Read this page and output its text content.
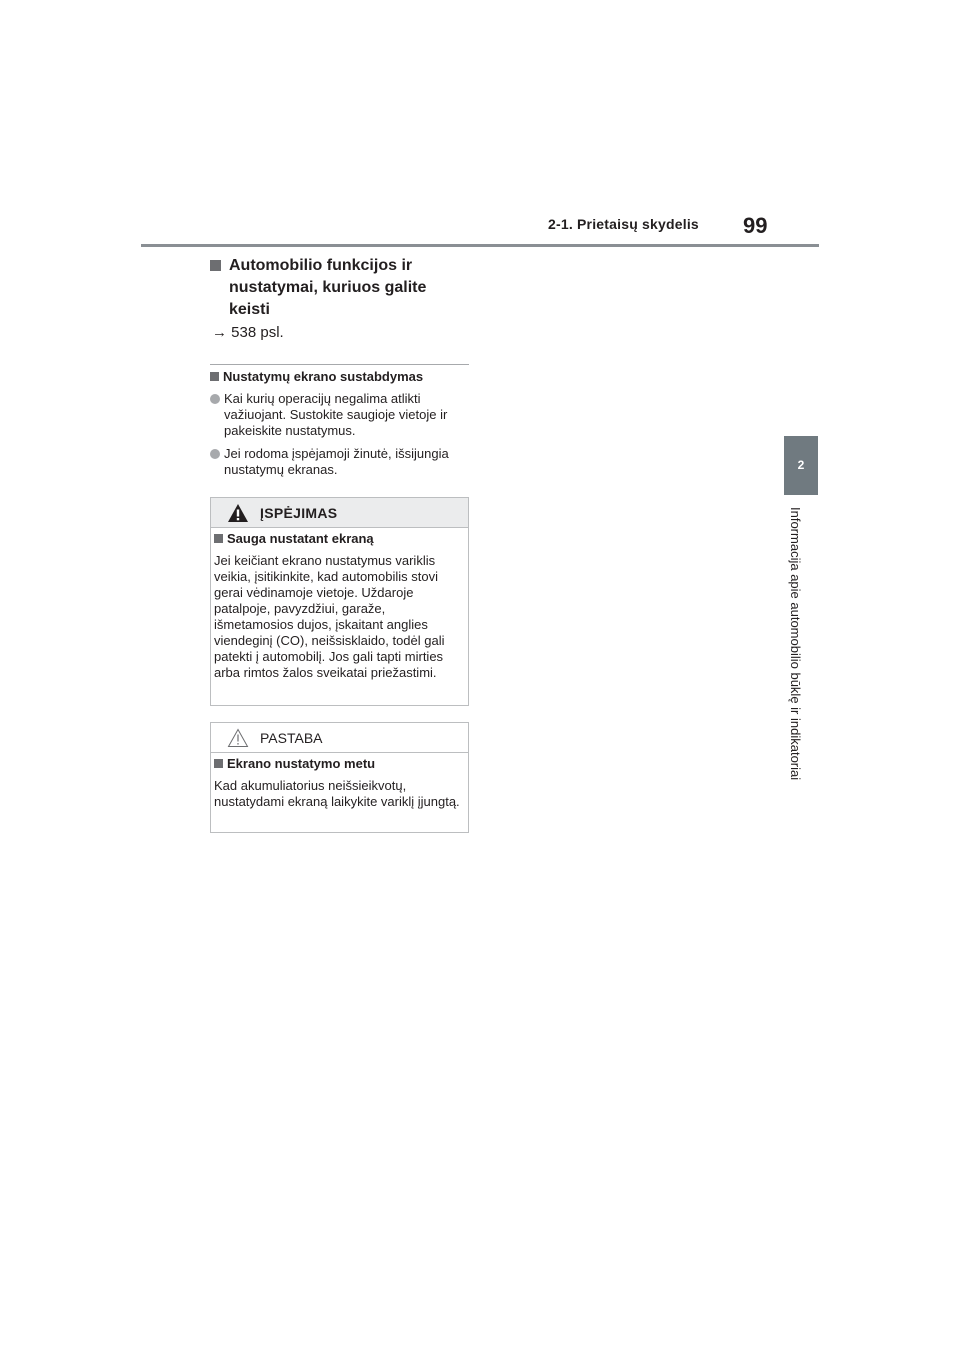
2-1. Prietaisų skydelis 99
2
Informacija apie automobilio būklę ir indikatoriai
Automobilio funkcijos ir nustatymai, kuriuos galite keisti
→ 538 psl.
Nustatymų ekrano sustabdymas
Kai kurių operacijų negalima atlikti važiuojant. Sustokite saugioje vietoje ir pakeiskite nustatymus.
Jei rodoma įspėjamoji žinutė, išsijungia nustatymų ekranas.
ĮSPĖJIMAS
Sauga nustatant ekraną
Jei keičiant ekrano nustatymus variklis veikia, įsitikinkite, kad automobilis stovi gerai vėdinamoje vietoje. Uždaroje patalpoje, pavyzdžiui, garaže, išmetamosios dujos, įskaitant anglies viendeginį (CO), neišsisklaido, todėl gali patekti į automobilį. Jos gali tapti mirties arba rimtos žalos sveikatai priežastimi.
PASTABA
Ekrano nustatymo metu
Kad akumuliatorius neišsieikvotų, nustatydami ekraną laikykite variklį įjungtą.
